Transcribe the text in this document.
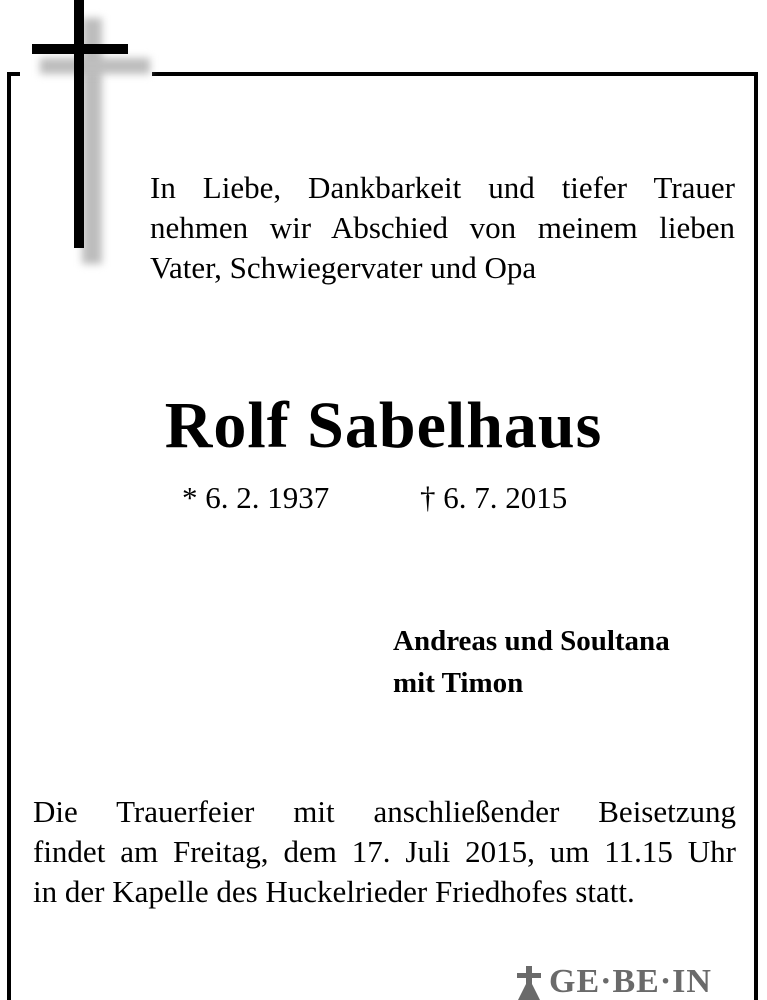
In Liebe, Dankbarkeit und tiefer Trauer
nehmen wir Abschied von meinem lieben
Vater, Schwiegervater und Opa
Rolf Sabelhaus
* 6. 2. 1937	† 6. 7. 2015
Andreas und Soultana
mit Timon
Die Trauerfeier mit anschließender Beisetzung
findet am Freitag, dem 17. Juli 2015, um 11.15 Uhr
in der Kapelle des Huckelrieder Friedhofes statt.
GE·BE·IN
